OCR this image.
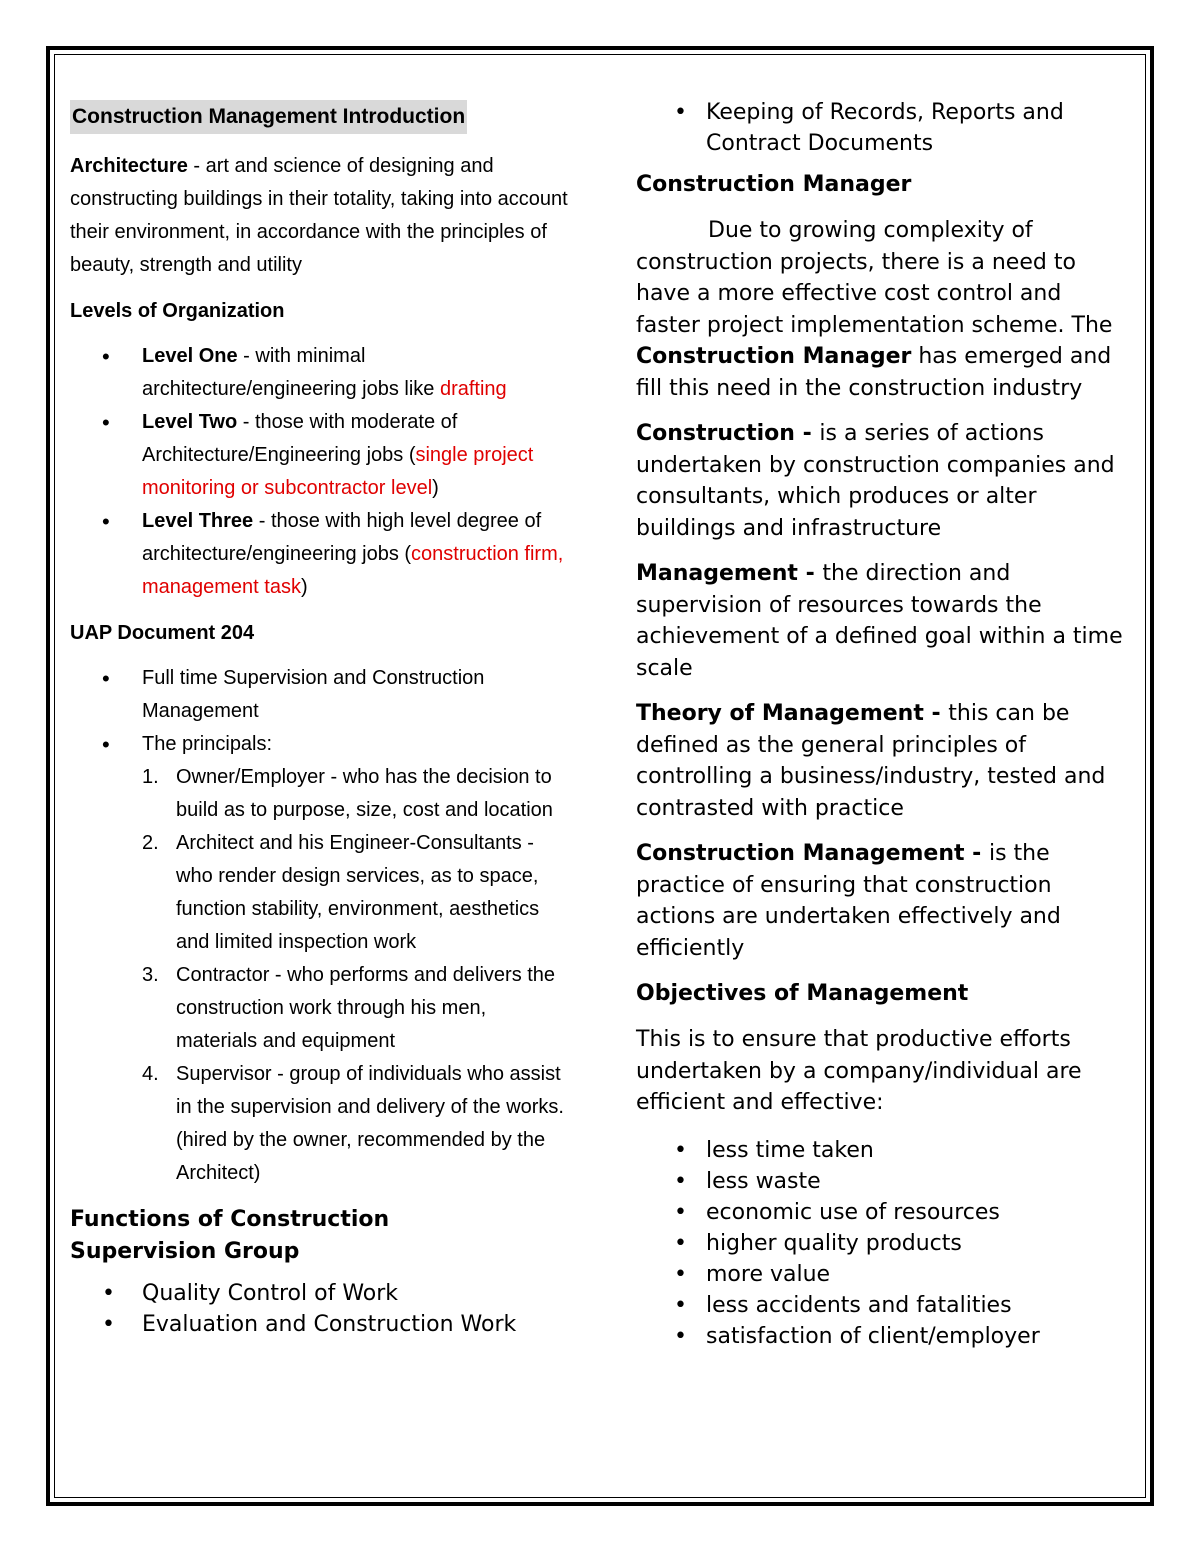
Construction Management Introduction

Architecture - art and science of designing and constructing buildings in their totality, taking into account their environment, in accordance with the principles of beauty, strength and utility

Levels of Organization

• Level One - with minimal architecture/engineering jobs like drafting
• Level Two - those with moderate of Architecture/Engineering jobs (single project monitoring or subcontractor level)
• Level Three - those with high level degree of architecture/engineering jobs (construction firm, management task)

UAP Document 204

• Full time Supervision and Construction Management
• The principals:
1. Owner/Employer - who has the decision to build as to purpose, size, cost and location
2. Architect and his Engineer-Consultants - who render design services, as to space, function stability, environment, aesthetics and limited inspection work
3. Contractor - who performs and delivers the construction work through his men, materials and equipment
4. Supervisor - group of individuals who assist in the supervision and delivery of the works. (hired by the owner, recommended by the Architect)
Functions of Construction Supervision Group
• Quality Control of Work
• Evaluation and Construction Work
• Keeping of Records, Reports and Contract Documents

Construction Manager

Due to growing complexity of construction projects, there is a need to have a more effective cost control and faster project implementation scheme. The Construction Manager has emerged and fill this need in the construction industry

Construction - is a series of actions undertaken by construction companies and consultants, which produces or alter buildings and infrastructure

Management - the direction and supervision of resources towards the achievement of a defined goal within a time scale

Theory of Management - this can be defined as the general principles of controlling a business/industry, tested and contrasted with practice

Construction Management - is the practice of ensuring that construction actions are undertaken effectively and efficiently

Objectives of Management

This is to ensure that productive efforts undertaken by a company/individual are efficient and effective:

• less time taken
• less waste
• economic use of resources
• higher quality products
• more value
• less accidents and fatalities
• satisfaction of client/employer
